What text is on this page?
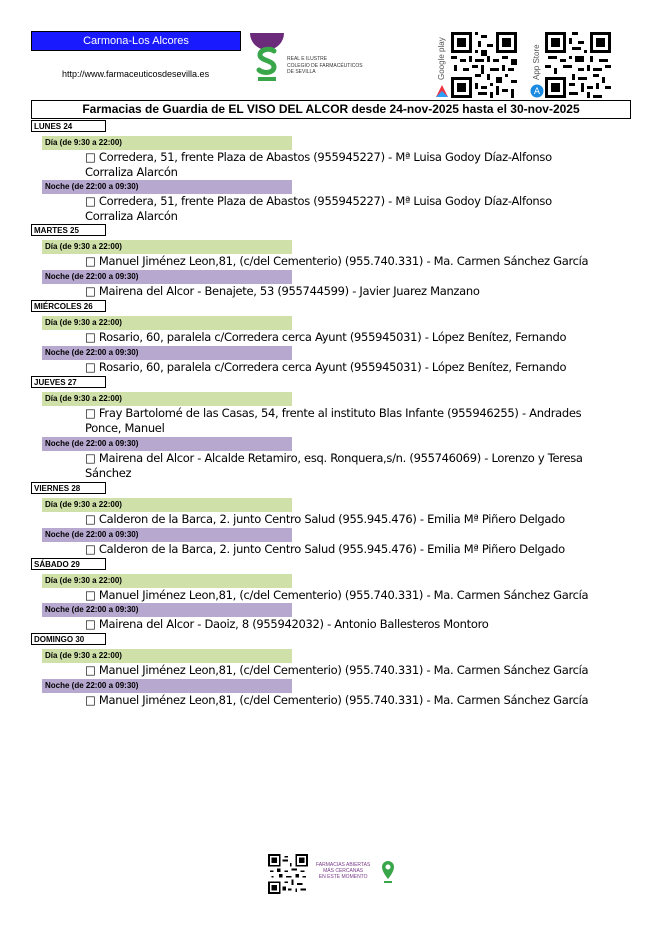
Carmona-Los Alcores
http://www.farmaceuticosdesevilla.es
REAL E ILUSTRE
COLEGIO DE FARMACÉUTICOS
DE SEVILLA	Google play	App Store
A
Farmacias de Guardia de EL VISO DEL ALCOR desde 24-nov-2025 hasta el 30-nov-2025
LUNES 24
Día (de 9:30 a 22:00)
□ Corredera, 51, frente Plaza de Abastos (955945227) - Mª Luisa Godoy Díaz-Alfonso
Corraliza Alarcón
Noche (de 22:00 a 09:30)
□ Corredera, 51, frente Plaza de Abastos (955945227) - Mª Luisa Godoy Díaz-Alfonso
Corraliza Alarcón
MARTES 25
Día (de 9:30 a 22:00)
□ Manuel Jiménez Leon,81, (c/del Cementerio) (955.740.331) - Ma. Carmen Sánchez García
Noche (de 22:00 a 09:30)
□ Mairena del Alcor - Benajete, 53 (955744599) - Javier Juarez Manzano
MIÉRCOLES 26
Día (de 9:30 a 22:00)
□ Rosario, 60, paralela c/Corredera cerca Ayunt (955945031) - López Benítez, Fernando
Noche (de 22:00 a 09:30)
□ Rosario, 60, paralela c/Corredera cerca Ayunt (955945031) - López Benítez, Fernando
JUEVES 27
Día (de 9:30 a 22:00)
□ Fray Bartolomé de las Casas, 54, frente al instituto Blas Infante (955946255) - Andrades
Ponce, Manuel
Noche (de 22:00 a 09:30)
□ Mairena del Alcor - Alcalde Retamiro, esq. Ronquera,s/n. (955746069) - Lorenzo y Teresa
Sánchez
VIERNES 28
Día (de 9:30 a 22:00)
□ Calderon de la Barca, 2. junto Centro Salud (955.945.476) - Emilia Mª Piñero Delgado
Noche (de 22:00 a 09:30)
□ Calderon de la Barca, 2. junto Centro Salud (955.945.476) - Emilia Mª Piñero Delgado
SÁBADO 29
Día (de 9:30 a 22:00)
□ Manuel Jiménez Leon,81, (c/del Cementerio) (955.740.331) - Ma. Carmen Sánchez García
Noche (de 22:00 a 09:30)
□ Mairena del Alcor - Daoiz, 8 (955942032) - Antonio Ballesteros Montoro
DOMINGO 30
Día (de 9:30 a 22:00)
□ Manuel Jiménez Leon,81, (c/del Cementerio) (955.740.331) - Ma. Carmen Sánchez García
Noche (de 22:00 a 09:30)
□ Manuel Jiménez Leon,81, (c/del Cementerio) (955.740.331) - Ma. Carmen Sánchez García
FARMACIAS ABIERTAS
MÁS CERCANAS
EN ESTE MOMENTO
